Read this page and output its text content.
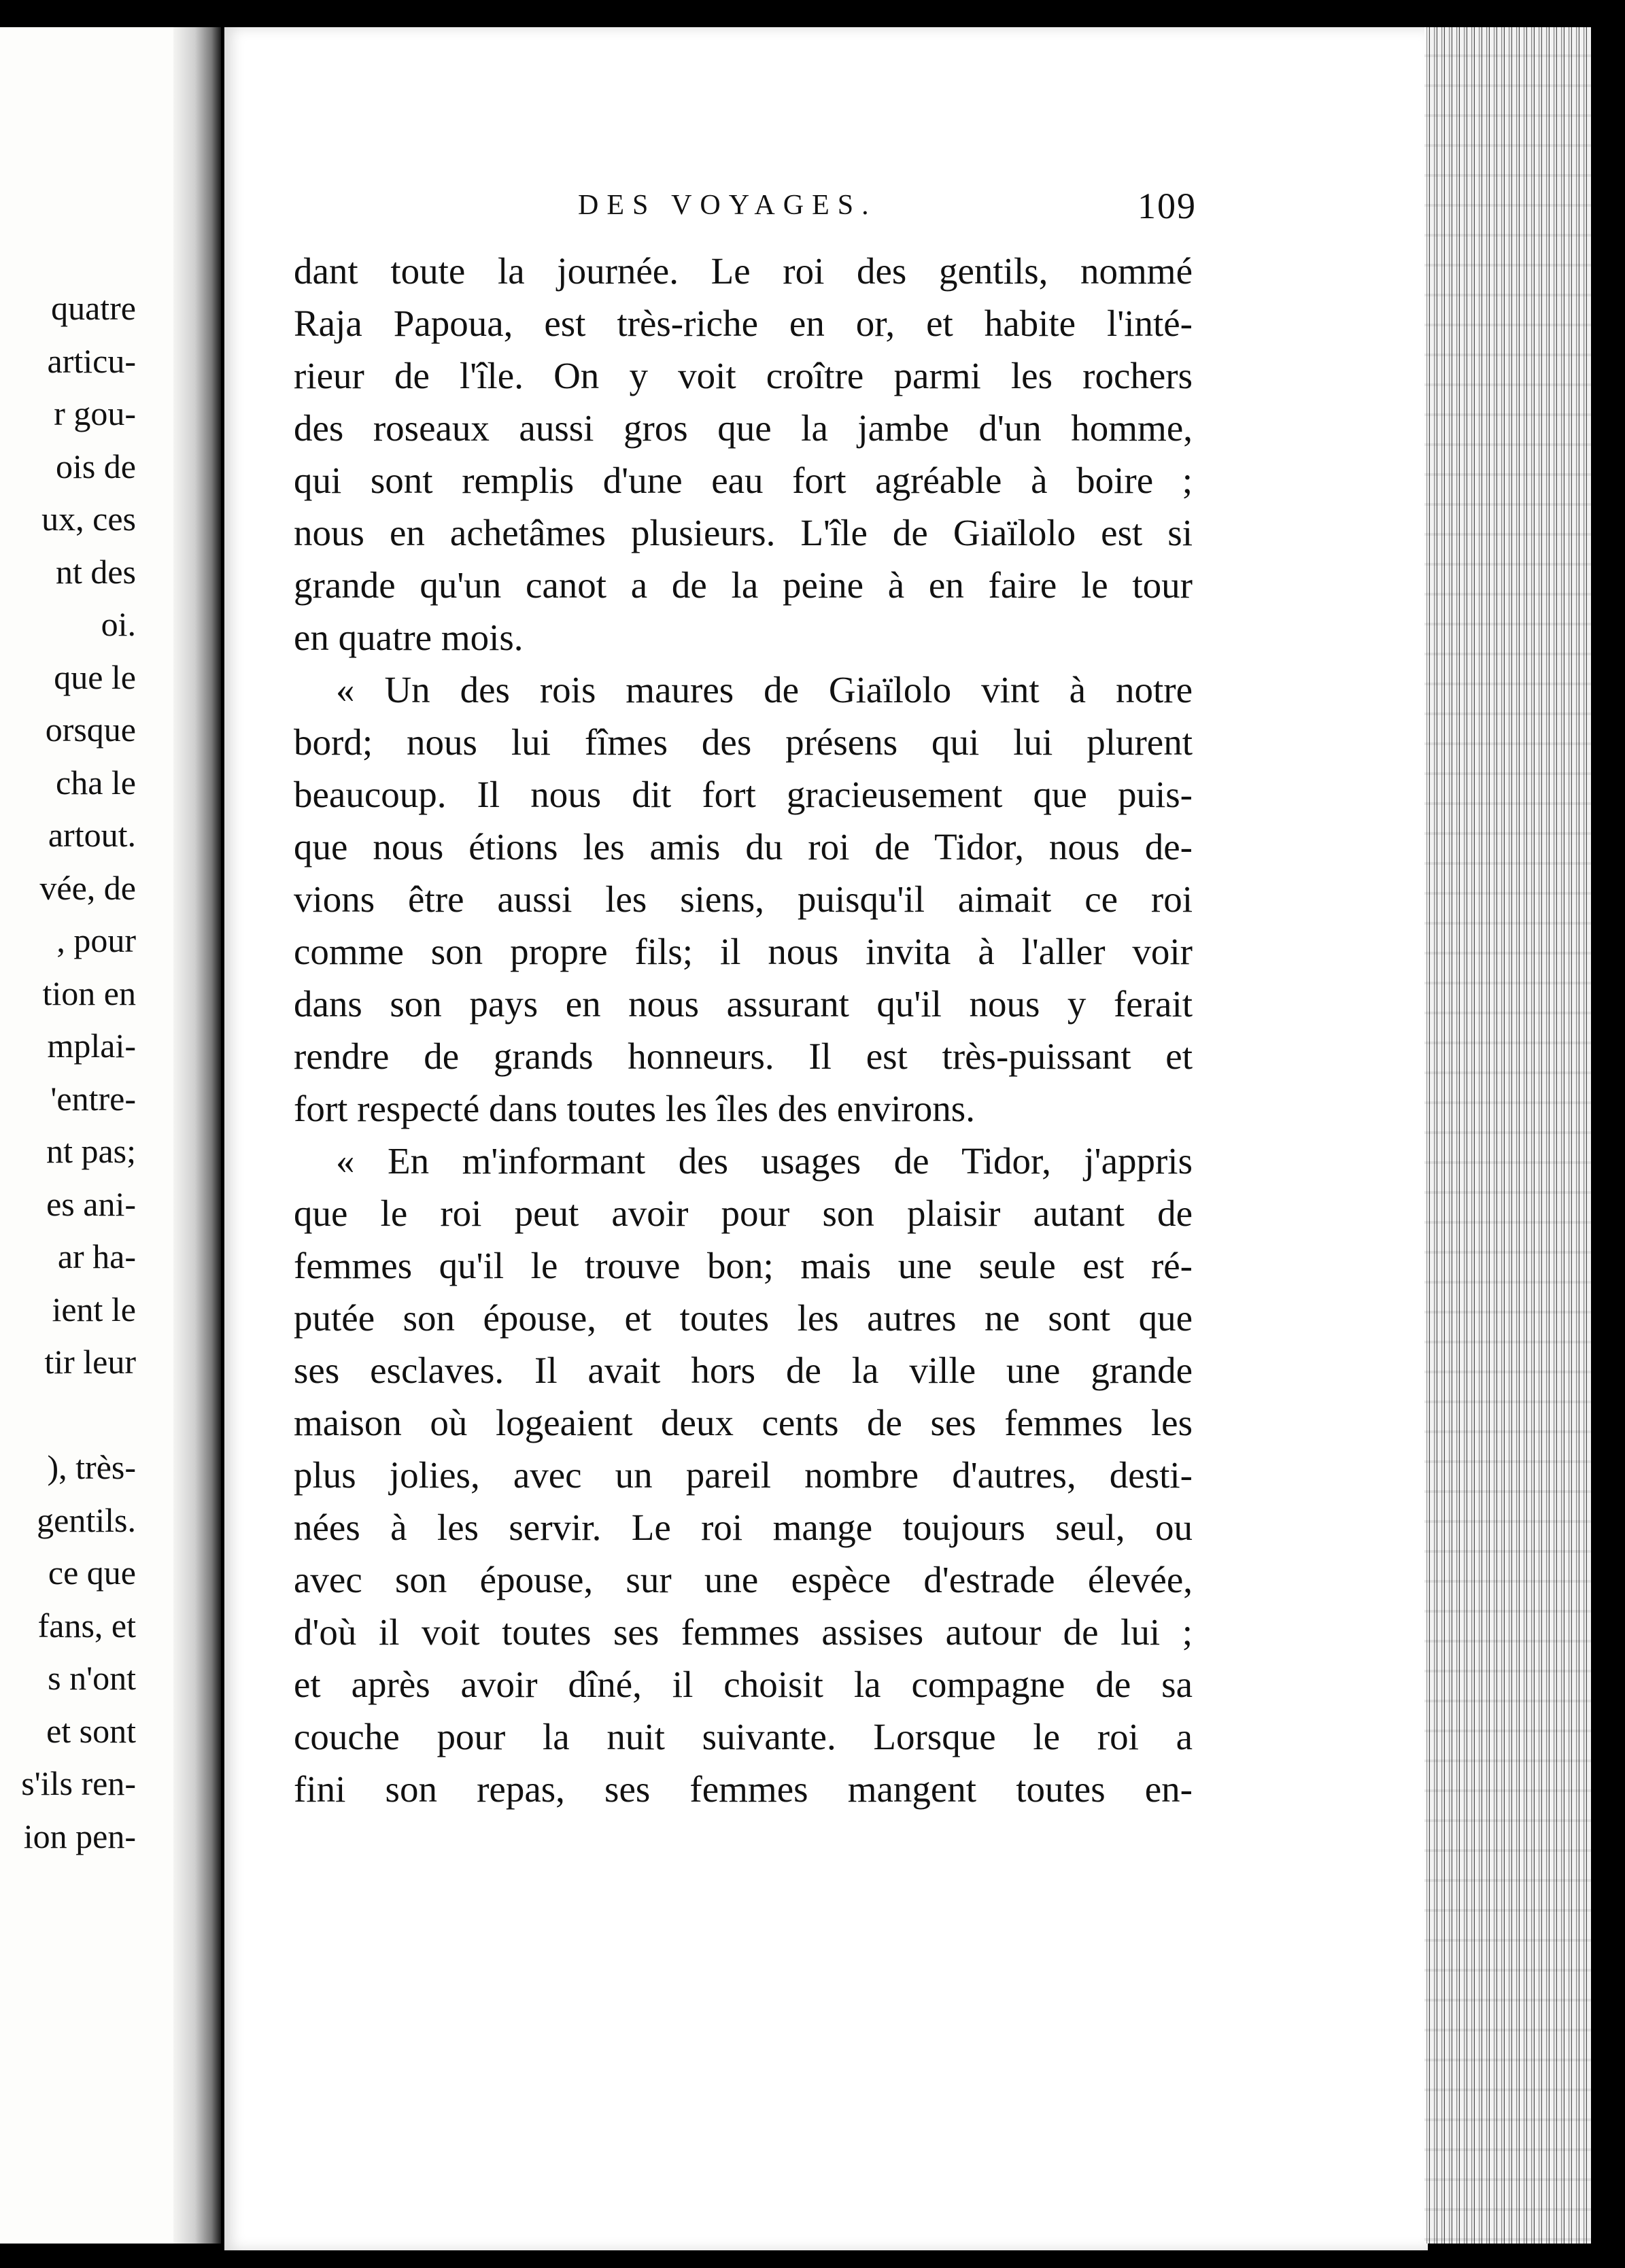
quatre
articu-
r gou-
ois de
ux, ces
nt des
oi.
que le
orsque
cha le
artout.
vée, de
, pour
tion en
mplai-
'entre-
nt pas;
es ani-
ar ha-
ient le
tir leur
), très-
gentils.
ce que
fans, et
s n'ont
et sont
s'ils ren-
ion pen-
DES VOYAGES.	109
dant toute la journée. Le roi des gentils, nommé
Raja Papoua, est très-riche en or, et habite l'inté-
rieur de l'île. On y voit croître parmi les rochers
des roseaux aussi gros que la jambe d'un homme,
qui sont remplis d'une eau fort agréable à boire ;
nous en achetâmes plusieurs. L'île de Giaïlolo est si
grande qu'un canot a de la peine à en faire le tour
en quatre mois.
« Un des rois maures de Giaïlolo vint à notre
bord; nous lui fîmes des présens qui lui plurent
beaucoup. Il nous dit fort gracieusement que puis-
que nous étions les amis du roi de Tidor, nous de-
vions être aussi les siens, puisqu'il aimait ce roi
comme son propre fils; il nous invita à l'aller voir
dans son pays en nous assurant qu'il nous y ferait
rendre de grands honneurs. Il est très-puissant et
fort respecté dans toutes les îles des environs.
« En m'informant des usages de Tidor, j'appris
que le roi peut avoir pour son plaisir autant de
femmes qu'il le trouve bon; mais une seule est ré-
putée son épouse, et toutes les autres ne sont que
ses esclaves. Il avait hors de la ville une grande
maison où logeaient deux cents de ses femmes les
plus jolies, avec un pareil nombre d'autres, desti-
nées à les servir. Le roi mange toujours seul, ou
avec son épouse, sur une espèce d'estrade élevée,
d'où il voit toutes ses femmes assises autour de lui ;
et après avoir dîné, il choisit la compagne de sa
couche pour la nuit suivante. Lorsque le roi a
fini son repas, ses femmes mangent toutes en-
